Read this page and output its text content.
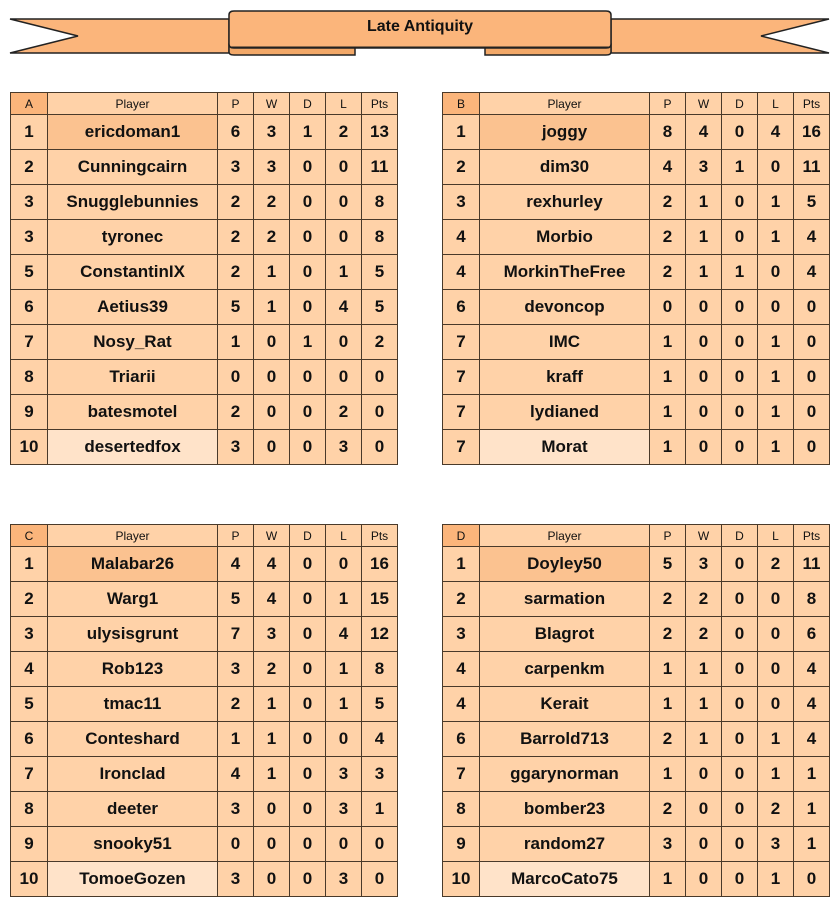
Late Antiquity
A	Player	P	W	D	L	Pts
1	ericdoman1	6	3	1	2	13
2	Cunningcairn	3	3	0	0	11
3	Snugglebunnies	2	2	0	0	8
3	tyronec	2	2	0	0	8
5	ConstantinIX	2	1	0	1	5
6	Aetius39	5	1	0	4	5
7	Nosy_Rat	1	0	1	0	2
8	Triarii	0	0	0	0	0
9	batesmotel	2	0	0	2	0
10	desertedfox	3	0	0	3	0
B	Player	P	W	D	L	Pts
1	joggy	8	4	0	4	16
2	dim30	4	3	1	0	11
3	rexhurley	2	1	0	1	5
4	Morbio	2	1	0	1	4
4	MorkinTheFree	2	1	1	0	4
6	devoncop	0	0	0	0	0
7	IMC	1	0	0	1	0
7	kraff	1	0	0	1	0
7	lydianed	1	0	0	1	0
7	Morat	1	0	0	1	0
C	Player	P	W	D	L	Pts
1	Malabar26	4	4	0	0	16
2	Warg1	5	4	0	1	15
3	ulysisgrunt	7	3	0	4	12
4	Rob123	3	2	0	1	8
5	tmac11	2	1	0	1	5
6	Conteshard	1	1	0	0	4
7	Ironclad	4	1	0	3	3
8	deeter	3	0	0	3	1
9	snooky51	0	0	0	0	0
10	TomoeGozen	3	0	0	3	0
D	Player	P	W	D	L	Pts
1	Doyley50	5	3	0	2	11
2	sarmation	2	2	0	0	8
3	Blagrot	2	2	0	0	6
4	carpenkm	1	1	0	0	4
4	Kerait	1	1	0	0	4
6	Barrold713	2	1	0	1	4
7	ggarynorman	1	0	0	1	1
8	bomber23	2	0	0	2	1
9	random27	3	0	0	3	1
10	MarcoCato75	1	0	0	1	0
